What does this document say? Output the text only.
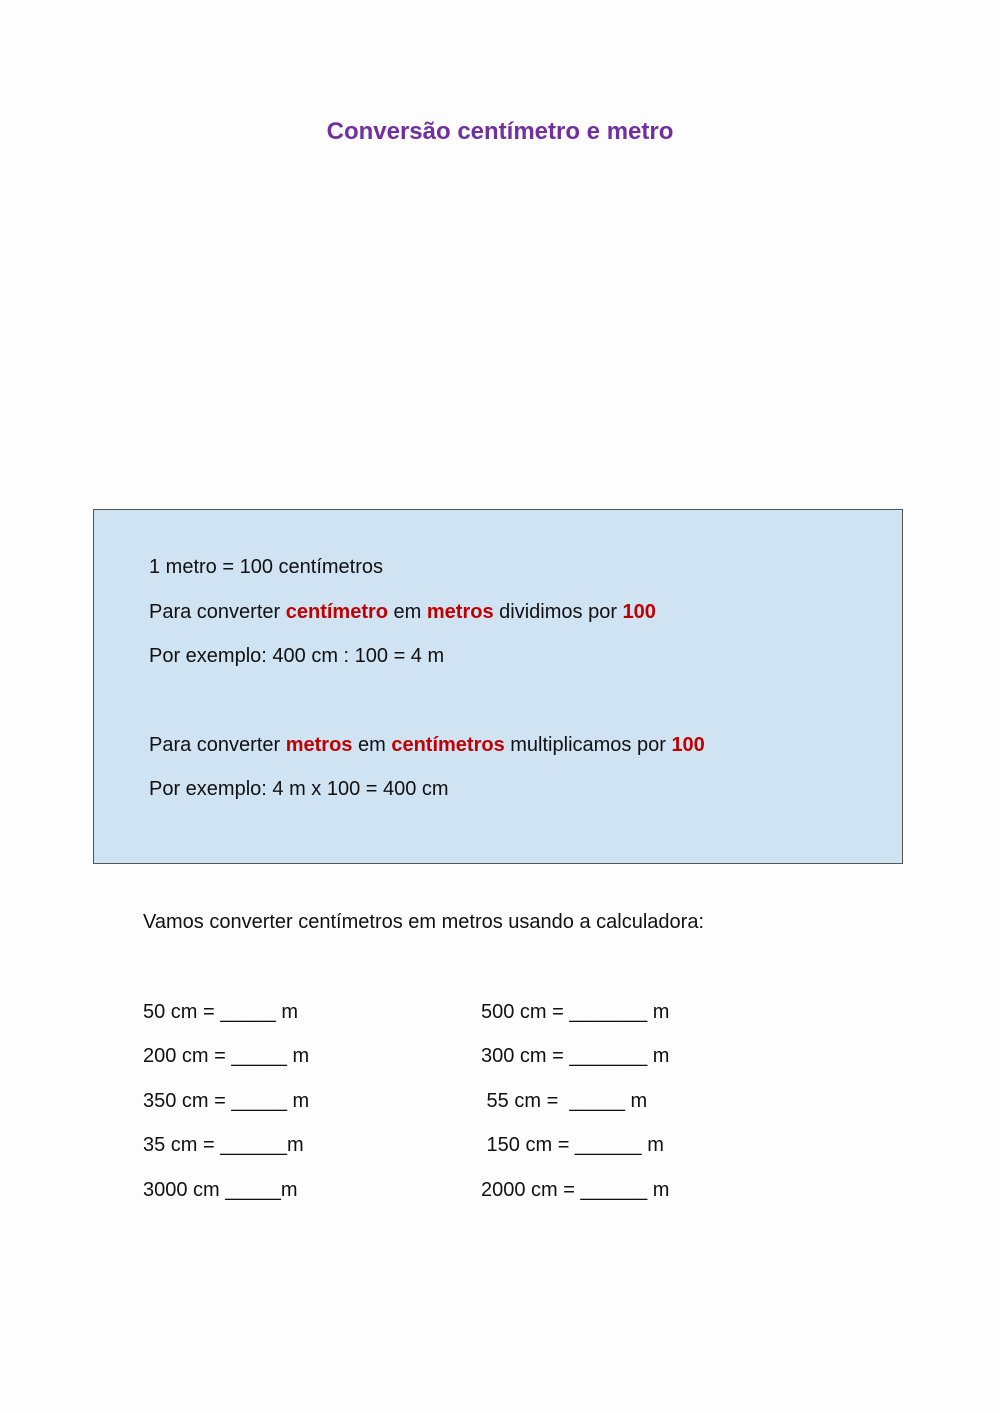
Conversão centímetro e metro
1 metro = 100 centímetros
Para converter centímetro em metros dividimos por 100
Por exemplo: 400 cm : 100 = 4 m
Para converter metros em centímetros multiplicamos por 100
Por exemplo: 4 m x 100 = 400 cm
Vamos converter centímetros em metros usando a calculadora:
50 cm = _____ m
200 cm = _____ m
350 cm = _____ m
35 cm = ______m
3000 cm _____m
500 cm = _______ m
300 cm = _______ m
55 cm =  _____ m
150 cm = ______ m
2000 cm = ______ m
